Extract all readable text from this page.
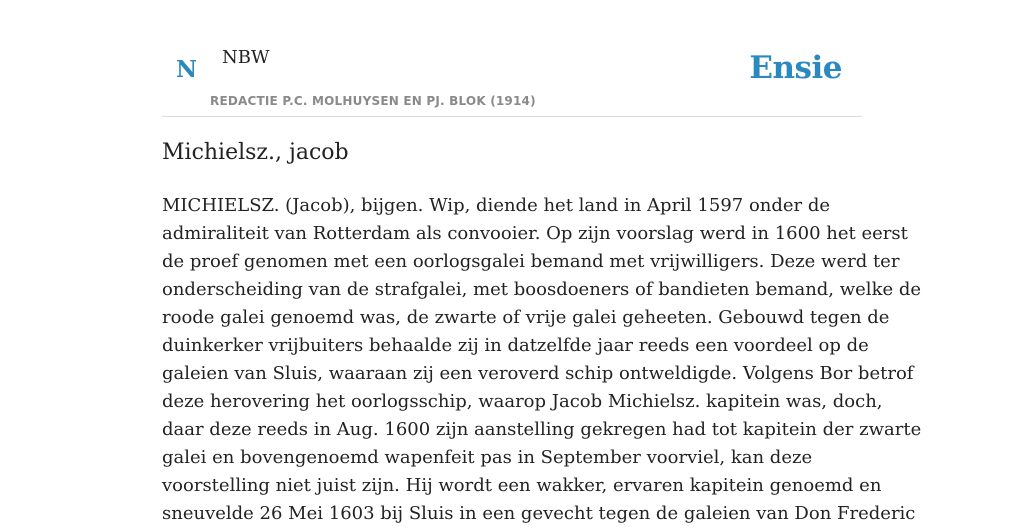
N NBW
REDACTIE P.C. MOLHUYSEN EN PJ. BLOK (1914)
Ensie
Michielsz., jacob
MICHIELSZ. (Jacob), bijgen. Wip, diende het land in April 1597 onder de
admiraliteit van Rotterdam als convooier. Op zijn voorslag werd in 1600 het eerst
de proef genomen met een oorlogsgalei bemand met vrijwilligers. Deze werd ter
onderscheiding van de strafgalei, met boosdoeners of bandieten bemand, welke de
roode galei genoemd was, de zwarte of vrije galei geheeten. Gebouwd tegen de
duinkerker vrijbuiters behaalde zij in datzelfde jaar reeds een voordeel op de
galeien van Sluis, waaraan zij een veroverd schip ontweldigde. Volgens Bor betrof
deze herovering het oorlogsschip, waarop Jacob Michielsz. kapitein was, doch,
daar deze reeds in Aug. 1600 zijn aanstelling gekregen had tot kapitein der zwarte
galei en bovengenoemd wapenfeit pas in September voorviel, kan deze
voorstelling niet juist zijn. Hij wordt een wakker, ervaren kapitein genoemd en
sneuvelde 26 Mei 1603 bij Sluis in een gevecht tegen de galeien van Don Frederic
